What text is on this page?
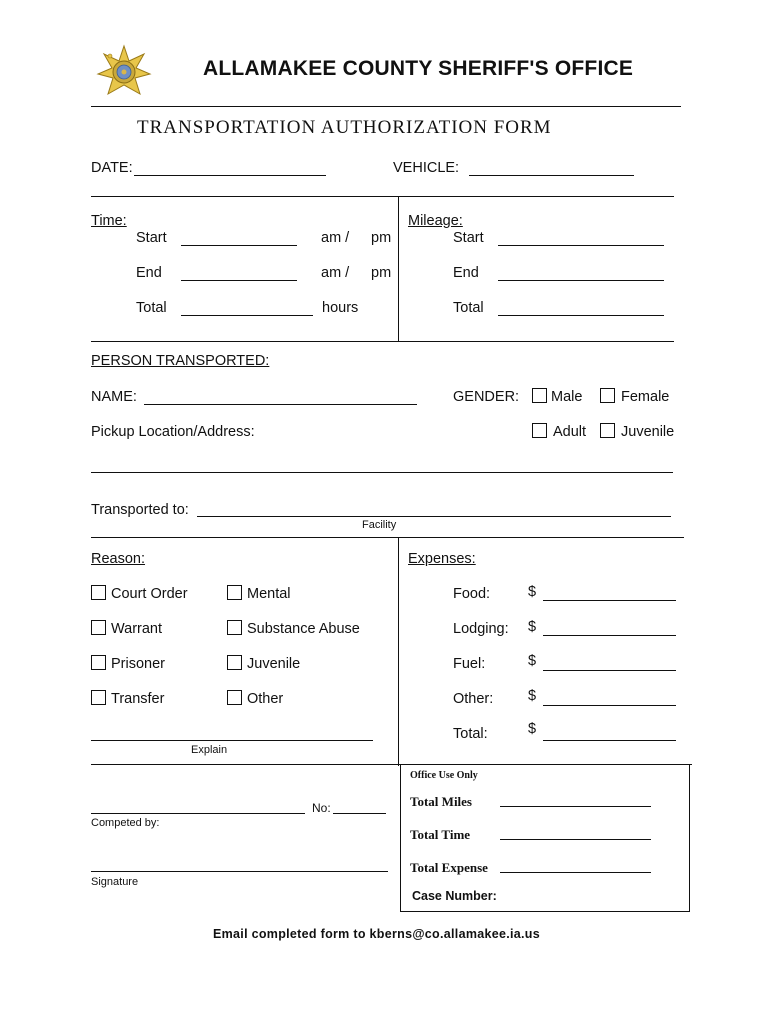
ALLAMAKEE COUNTY SHERIFF'S OFFICE
TRANSPORTATION AUTHORIZATION FORM
DATE:	VEHICLE:
Time:
Start	am / pm
End	am / pm
Total	hours
Mileage:
Start
End
Total
PERSON TRANSPORTED:
NAME:	GENDER: Male	Female
Pickup Location/Address:	Adult Juvenile
Transported to:
Facility
Reason:	Expenses:
Court Order	Mental
Warrant	Substance Abuse
Prisoner	Juvenile
Transfer	Other
Explain
Food:	$
Lodging: $
Fuel:	$
Other: $
Total:	$
No:
Competed by:
Signature
Office Use Only
Total Miles
Total Time
Total Expense
Case Number:
Email completed form to kberns@co.allamakee.ia.us
